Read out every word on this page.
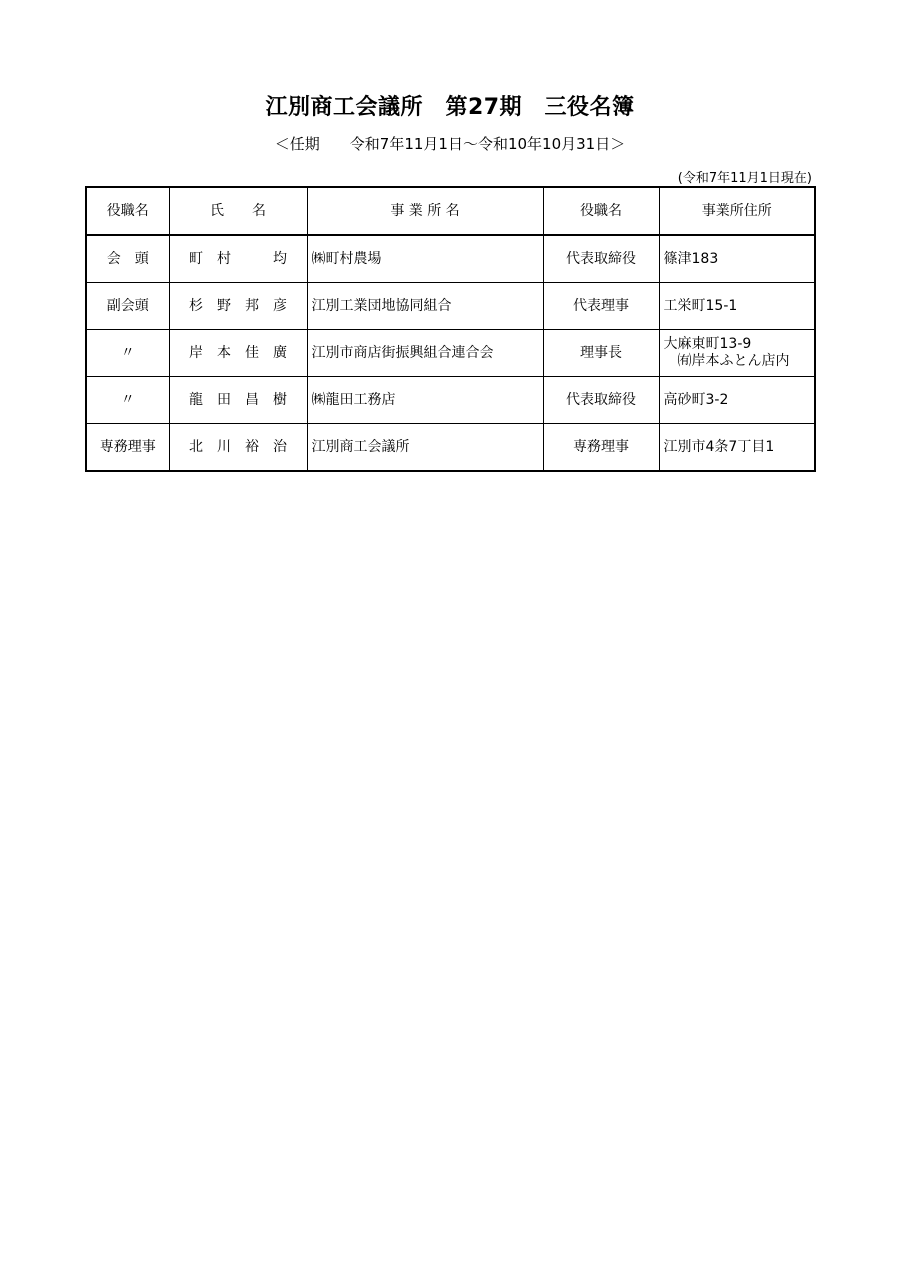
江別商工会議所　第27期　三役名簿
＜任期　　令和7年11月1日～令和10年10月31日＞
(令和7年11月1日現在)
役職名	氏　　名	事 業 所 名	役職名	事業所住所
会　頭	町　村　　　均	㈱町村農場	代表取締役	篠津183

副会頭	杉　野　邦　彦	江別工業団地協同組合	代表理事	工栄町15-1

〃	岸　本　佳　廣	江別市商店街振興組合連合会	理事長	大麻東町13-9
　㈲岸本ふとん店内

〃	龍　田　昌　樹	㈱龍田工務店	代表取締役	高砂町3-2

専務理事	北　川　裕　治	江別商工会議所	専務理事	江別市4条7丁目1
